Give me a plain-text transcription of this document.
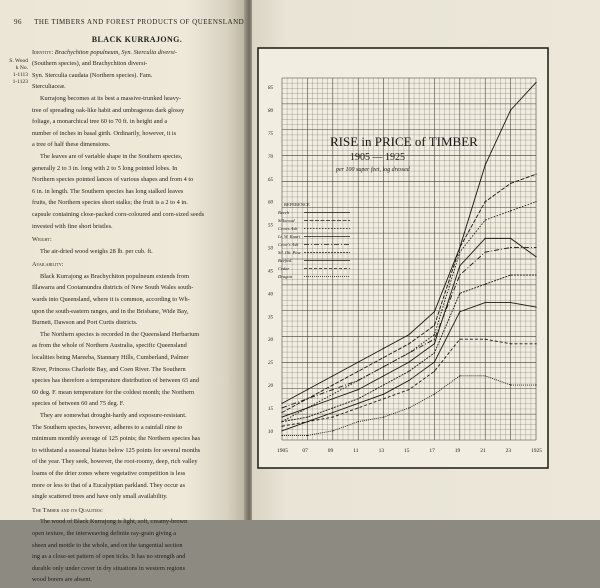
96 THE TIMBERS AND FOREST PRODUCTS OF QUEENSLAND
S. Wood
k No.
1-1113
1-1123
BLACK KURRAJONG.

Identity: Brachychiton populneum, Syn. Sterculia diversi-

(Southern species), and Brachychiton diversi-

Syn. Sterculia caudata (Northern species). Fam.

Sterculiaceæ.

Kurrajong becomes at its best a massive-trunked heavy-

tree of spreading oak-like habit and umbrageous dark glossy

foliage, a monarchical tree 60 to 70 ft. in height and a

number of inches in basal girth. Ordinarily, however, it is

a tree of half these dimensions.

The leaves are of variable shape in the Southern species,

generally 2 to 3 in. long with 2 to 5 long pointed lobes. In

Northern species pointed lances of various shapes and from 4 to

6 in. in length. The Southern species has long stalked leaves

fruits, the Northern species short stalks; the fruit is a 2 to 4 in.

capsule containing close-packed corn-coloured and corn-sized seeds

invested with fine short bristles.

Weight:

The air-dried wood weighs 28 lb. per cub. ft.

Availability:

Black Kurrajong as Brachychiton populneum extends from

Illawarra and Cootamundra districts of New South Wales south-

wards into Queensland, where it is common, according to Wh-

upon the south-eastern ranges, and in the Brisbane, Wide Bay,

Burnett, Dawson and Port Curtis districts.

The Northern species is recorded in the Queensland Herbarium

as from the whole of Northern Australia, specific Queensland

localities being Mareeba, Stannary Hills, Cumberland, Palmer

River, Princess Charlotte Bay, and Coen River. The Southern

species has therefore a temperature distribution of between 65 and

60 deg. F. mean temperature for the coldest month; the Northern

species of between 60 and 75 deg. F.

They are somewhat drought-hardy and exposure-resistant.

The Southern species, however, adheres to a rainfall nine to

minimum monthly average of 125 points; the Northern species has

to withstand a seasonal hiatus below 125 points for several months

of the year. They seek, however, the root-roomy, deep, rich valley

loams of the drier zones where vegetative competition is less

more or less to that of a Eucalyptian parkland. They occur as

single scattered trees and have only small availability.

The Timber and its Qualities:

The wood of Black Kurrajong is light, soft, creamy-brown

open texture, the interweaving definite ray-grain giving a

sheen and mottle to the whole, and on the tangential section

ing as a close-set pattern of open ticks. It has no strength and

durable only under cover in dry situations in western regions

wood borers are absent.

85
80
75
70
65
60
55
50
45
40
35
30
25
20
15
10
1905	07	09	11	13	15	17	19	21	23	1925
RISE in PRICE of TIMBER
1905 — 1925
per 100 super feet, log dressed
REFERENCE
Beech
Silkwood
Crows Ash
Lt. W. Kauri
Crow's Ash
Sil. Ok. Pine
Beefwd.
Cedar
Dragon
